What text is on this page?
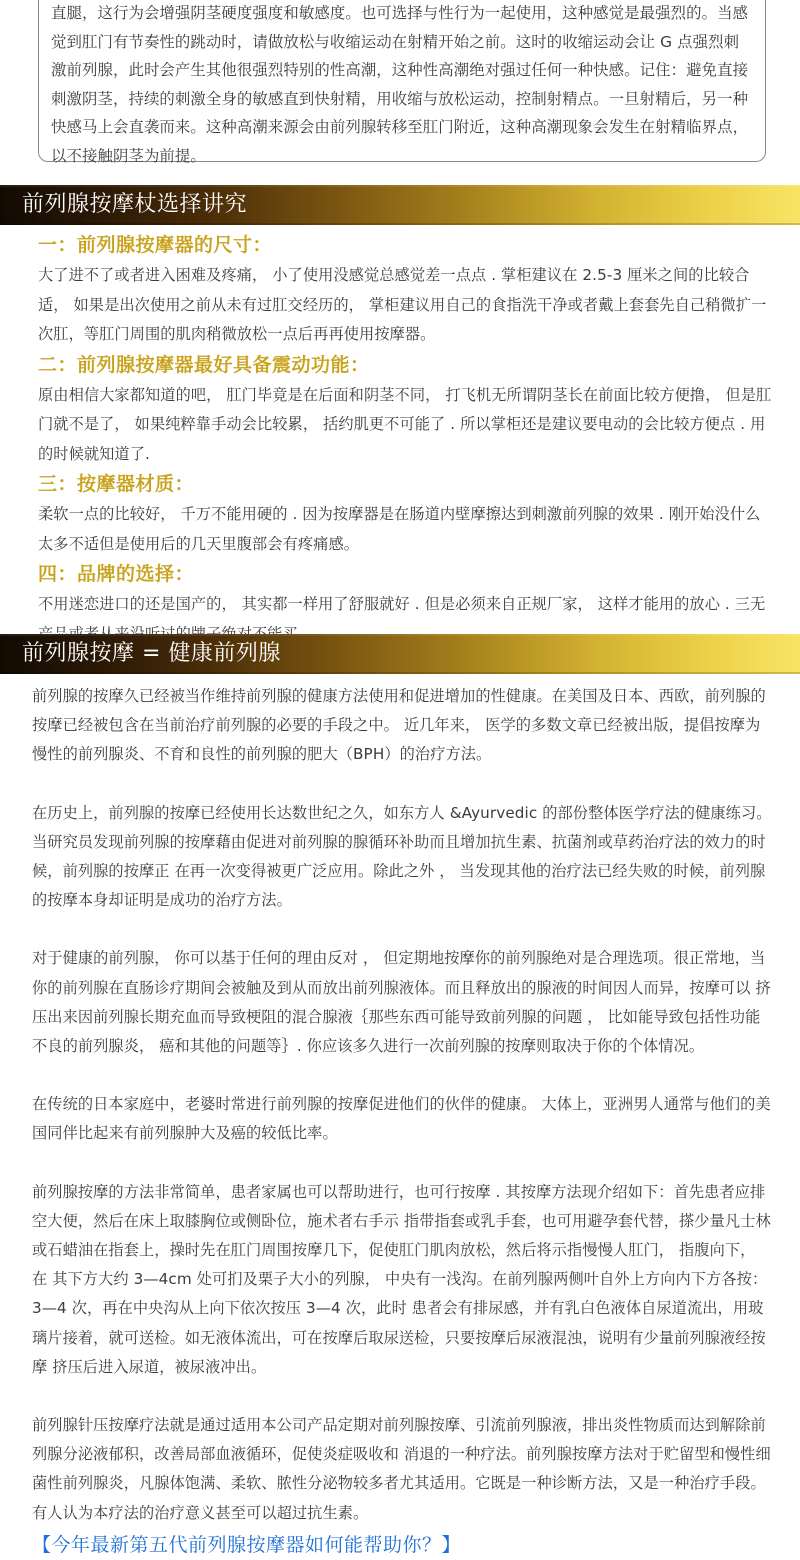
直腿，这行为会增强阴茎硬度强度和敏感度。也可选择与性行为一起使用，这种感觉是最强烈的。当感觉到肛门有节奏性的跳动时，请做放松与收缩运动在射精开始之前。这时的收缩运动会让 G 点强烈刺激前列腺，此时会产生其他很强烈特别的性高潮，这种性高潮绝对强过任何一种快感。记住：避免直接刺激阴茎，持续的刺激全身的敏感直到快射精，用收缩与放松运动，控制射精点。一旦射精后，另一种快感马上会直袭而来。这种高潮来源会由前列腺转移至肛门附近，这种高潮现象会发生在射精临界点，以不接触阴茎为前提。

前列腺按摩杖选择讲究
一：前列腺按摩器的尺寸：

大了进不了或者进入困难及疼痛， 小了使用没感觉总感觉差一点点 . 掌柜建议在 2.5-3 厘米之间的比较合适， 如果是出次使用之前从未有过肛交经历的， 掌柜建议用自己的食指洗干净或者戴上套套先自己稍微扩一次肛，等肛门周围的肌肉稍微放松一点后再再使用按摩器。

二：前列腺按摩器最好具备震动功能：

原由相信大家都知道的吧， 肛门毕竟是在后面和阴茎不同， 打飞机无所谓阴茎长在前面比较方便撸， 但是肛门就不是了， 如果纯粹靠手动会比较累， 括约肌更不可能了 . 所以掌柜还是建议要电动的会比较方便点 . 用的时候就知道了.

三：按摩器材质：

柔软一点的比较好， 千万不能用硬的 . 因为按摩器是在肠道内壁摩擦达到刺激前列腺的效果 . 刚开始没什么太多不适但是使用后的几天里腹部会有疼痛感。

四：品牌的选择：

不用迷恋进口的还是国产的， 其实都一样用了舒服就好 . 但是必须来自正规厂家， 这样才能用的放心 . 三无

前列腺按摩 = 健康前列腺

前列腺的按摩久已经被当作维持前列腺的健康方法使用和促进增加的性健康。在美国及日本、西欧，前列腺的按摩已经被包含在当前治疗前列腺的必要的手段之中。 近几年来， 医学的多数文章已经被出版，提倡按摩为慢性的前列腺炎、不育和良性的前列腺的肥大（BPH）的治疗方法。

在历史上，前列腺的按摩已经使用长达数世纪之久，如东方人 &Ayurvedic 的部份整体医学疗法的健康练习。当研究员发现前列腺的按摩藉由促进对前列腺的腺循环补助而且增加抗生素、抗菌剂或草药治疗法的效力的时候，前列腺的按摩正 在再一次变得被更广泛应用。除此之外 ， 当发现其他的治疗法已经失败的时候，前列腺的按摩本身却证明是成功的治疗方法。

对于健康的前列腺， 你可以基于任何的理由反对 ， 但定期地按摩你的前列腺绝对是合理选项。很正常地，当你的前列腺在直肠诊疗期间会被触及到从而放出前列腺液体。而且释放出的腺液的时间因人而异，按摩可以 挤压出来因前列腺长期充血而导致梗阻的混合腺液｛那些东西可能导致前列腺的问题 ， 比如能导致包括性功能不良的前列腺炎， 癌和其他的问题等｝. 你应该多久进行一次前列腺的按摩则取决于你的个体情况。

在传统的日本家庭中，老婆时常进行前列腺的按摩促进他们的伙伴的健康。 大体上，亚洲男人通常与他们的美国同伴比起来有前列腺肿大及癌的较低比率。

前列腺按摩的方法非常简单，患者家属也可以帮助进行，也可行按摩 . 其按摩方法现介绍如下：首先患者应排空大便，然后在床上取膝胸位或侧卧位，施术者右手示 指带指套或乳手套，也可用避孕套代替，搽少量凡士林或石蜡油在指套上，操时先在肛门周围按摩几下，促使肛门肌肉放松，然后将示指慢慢人肛门， 指腹向下， 在 其下方大约 3—4cm 处可扪及栗子大小的列腺， 中央有一浅沟。在前列腺两侧叶自外上方向内下方各按： 3—4 次，再在中央沟从上向下依次按压 3—4 次，此时 患者会有排尿感，并有乳白色液体自尿道流出，用玻璃片接着，就可送检。如无液体流出，可在按摩后取尿送检，只要按摩后尿液混浊，说明有少量前列腺液经按摩 挤压后进入尿道，被尿液冲出。

前列腺针压按摩疗法就是通过适用本公司产品定期对前列腺按摩、引流前列腺液，排出炎性物质而达到解除前列腺分泌液郁积，改善局部血液循环，促使炎症吸收和 消退的一种疗法。前列腺按摩方法对于贮留型和慢性细菌性前列腺炎，凡腺体饱满、柔软、脓性分泌物较多者尤其适用。它既是一种诊断方法，又是一种治疗手段。 有人认为本疗法的治疗意义甚至可以超过抗生素。

【今年最新第五代前列腺按摩器如何能帮助你？】
